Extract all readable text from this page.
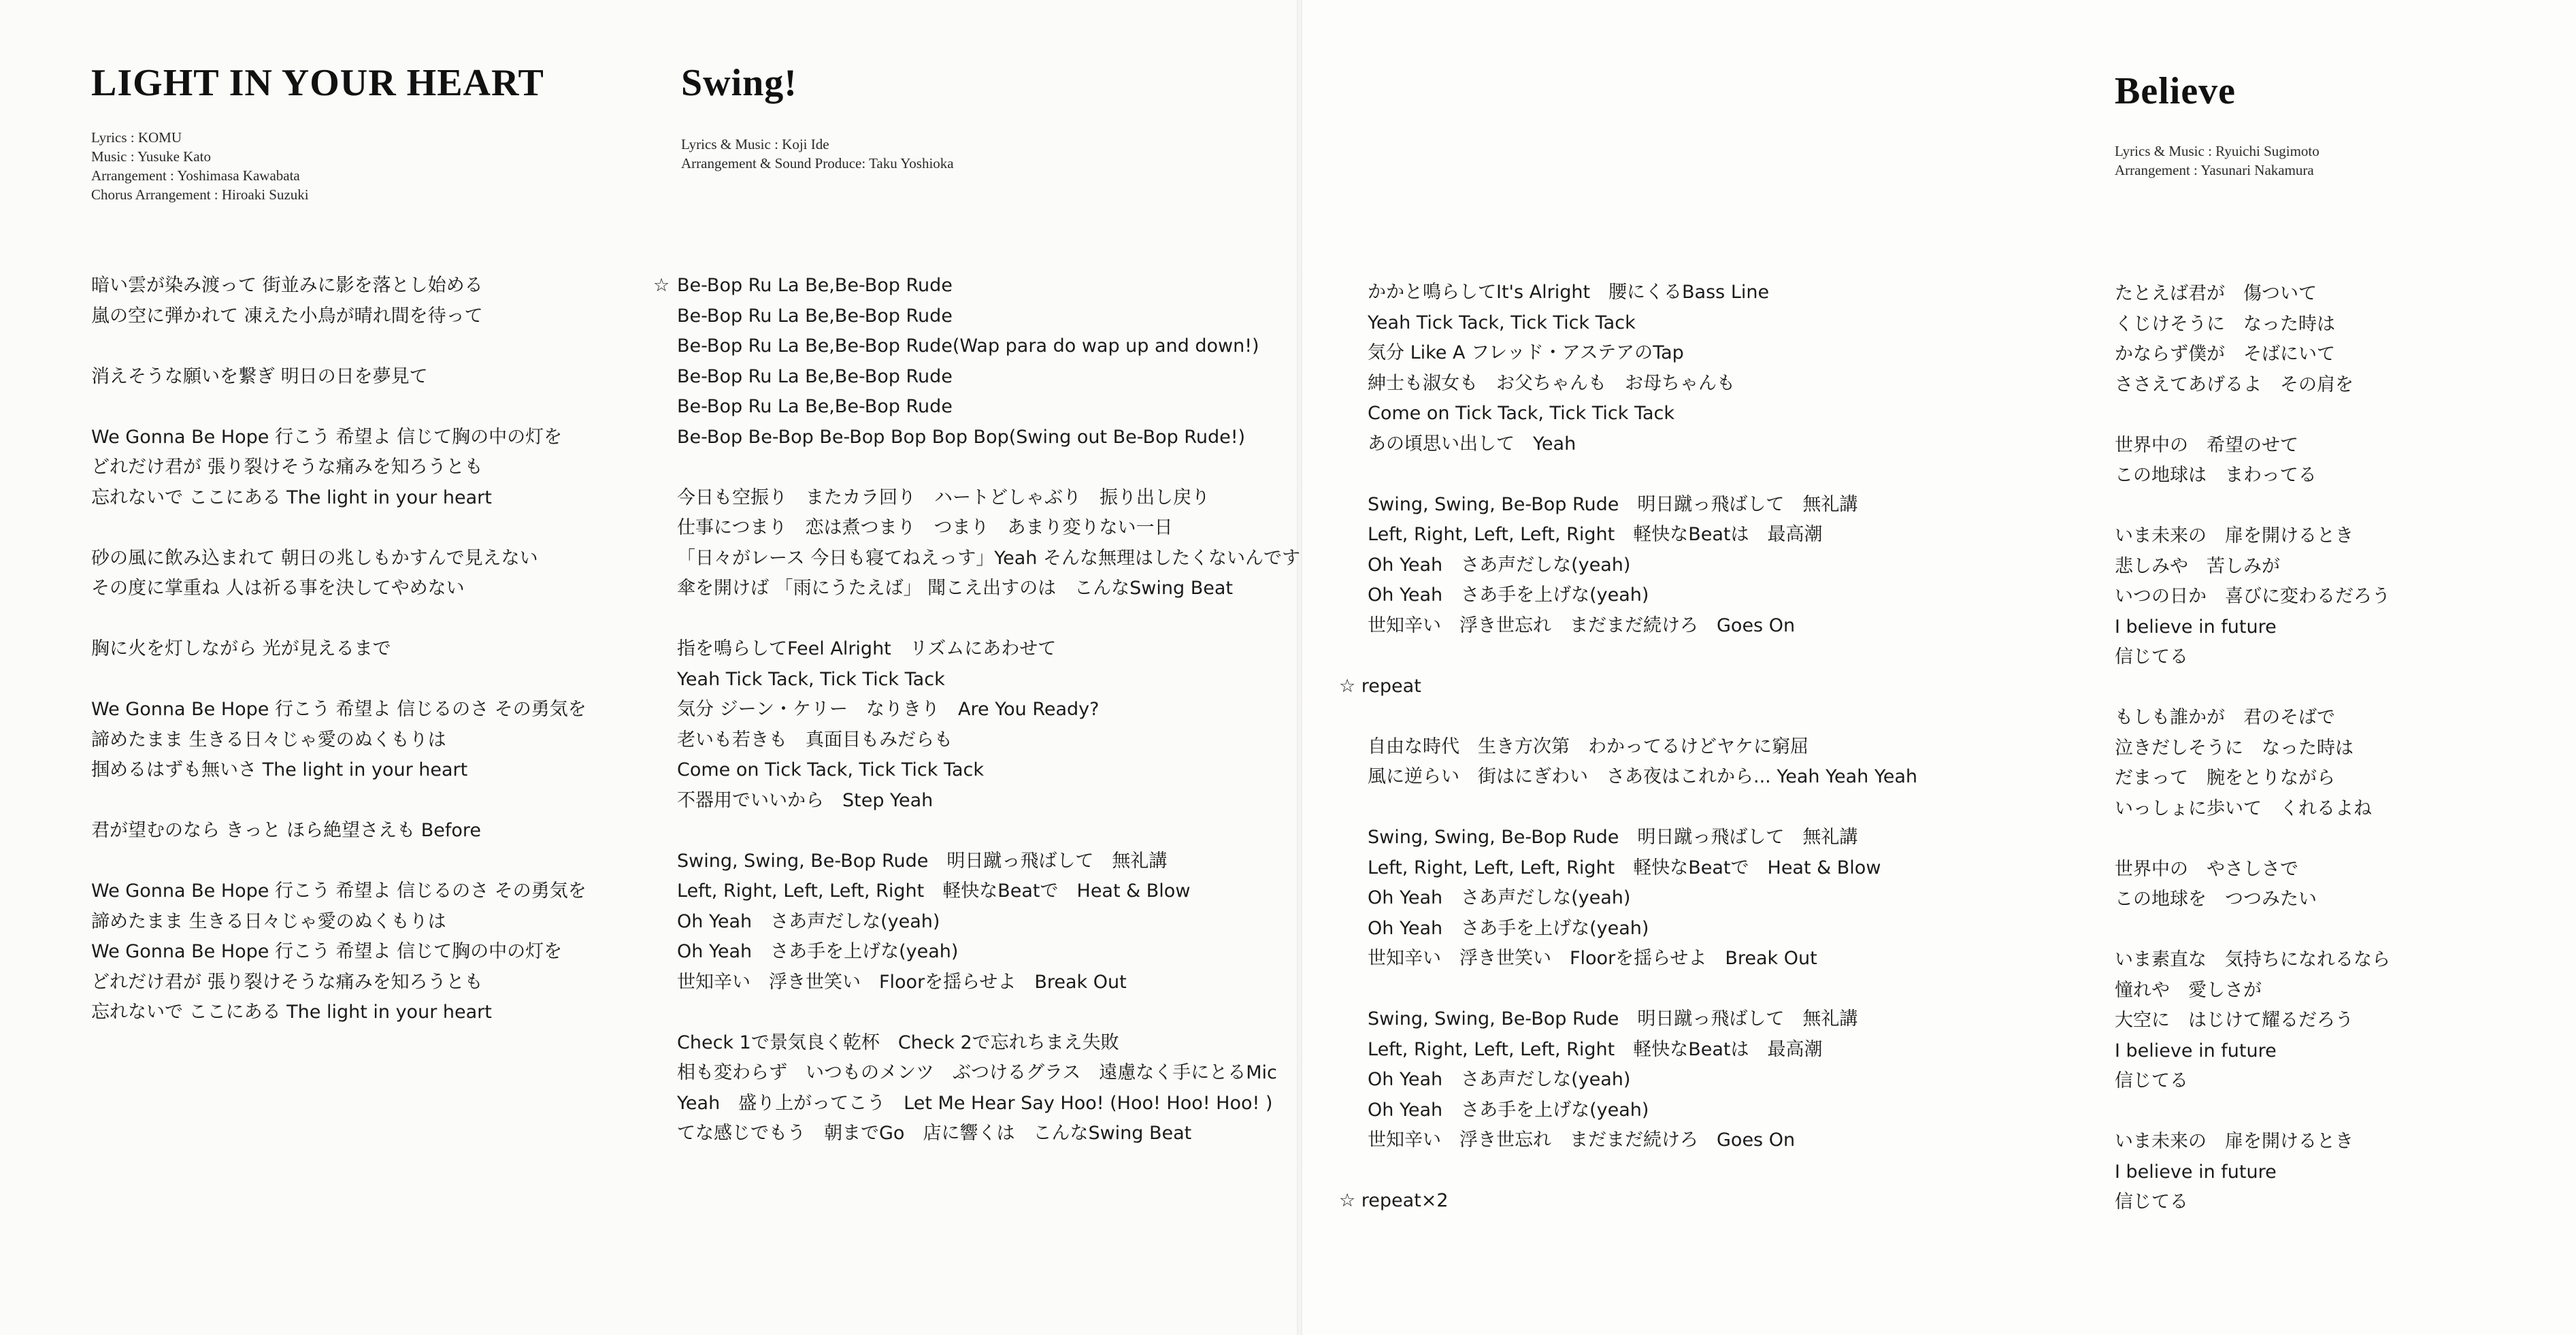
LIGHT IN YOUR HEART
Lyrics : KOMU
Music : Yusuke Kato
Arrangement : Yoshimasa Kawabata
Chorus Arrangement : Hiroaki Suzuki
暗い雲が染み渡って 街並みに影を落とし始める
嵐の空に弾かれて 凍えた小鳥が晴れ間を待って
消えそうな願いを繋ぎ 明日の日を夢見て
We Gonna Be Hope 行こう 希望よ 信じて胸の中の灯を
どれだけ君が 張り裂けそうな痛みを知ろうとも
忘れないで ここにある The light in your heart
砂の風に飲み込まれて 朝日の兆しもかすんで見えない
その度に掌重ね 人は祈る事を決してやめない
胸に火を灯しながら 光が見えるまで
We Gonna Be Hope 行こう 希望よ 信じるのさ その勇気を
諦めたまま 生きる日々じゃ愛のぬくもりは
掴めるはずも無いさ The light in your heart
君が望むのなら きっと ほら絶望さえも Before
We Gonna Be Hope 行こう 希望よ 信じるのさ その勇気を
諦めたまま 生きる日々じゃ愛のぬくもりは
We Gonna Be Hope 行こう 希望よ 信じて胸の中の灯を
どれだけ君が 張り裂けそうな痛みを知ろうとも
忘れないで ここにある The light in your heart
Swing!
Lyrics & Music : Koji Ide
Arrangement & Sound Produce: Taku Yoshioka
☆ Be-Bop Ru La Be,Be-Bop Rude
Be-Bop Ru La Be,Be-Bop Rude
Be-Bop Ru La Be,Be-Bop Rude(Wap para do wap up and down!)
Be-Bop Ru La Be,Be-Bop Rude
Be-Bop Ru La Be,Be-Bop Rude
Be-Bop Be-Bop Be-Bop Bop Bop Bop(Swing out Be-Bop Rude!)
今日も空振り　またカラ回り　ハートどしゃぶり　振り出し戻り
仕事につまり　恋は煮つまり　つまり　あまり変りない一日
「日々がレース 今日も寝てねえっす」Yeah そんな無理はしたくないんです
傘を開けば 「雨にうたえば」 聞こえ出すのは　こんなSwing Beat
指を鳴らしてFeel Alright　リズムにあわせて
Yeah Tick Tack, Tick Tick Tack
気分 ジーン・ケリー　なりきり　Are You Ready?
老いも若きも　真面目もみだらも
Come on Tick Tack, Tick Tick Tack
不器用でいいから　Step Yeah
Swing, Swing, Be-Bop Rude　明日蹴っ飛ばして　無礼講
Left, Right, Left, Left, Right　軽快なBeatで　Heat & Blow
Oh Yeah　さあ声だしな(yeah)
Oh Yeah　さあ手を上げな(yeah)
世知辛い　浮き世笑い　Floorを揺らせよ　Break Out
Check 1で景気良く乾杯　Check 2で忘れちまえ失敗
相も変わらず　いつものメンツ　ぶつけるグラス　遠慮なく手にとるMic
Yeah　盛り上がってこう　Let Me Hear Say Hoo! (Hoo! Hoo! Hoo! )
てな感じでもう　朝までGo　店に響くは　こんなSwing Beat
かかと鳴らしてIt's Alright　腰にくるBass Line
Yeah Tick Tack, Tick Tick Tack
気分 Like A フレッド・アステアのTap
紳士も淑女も　お父ちゃんも　お母ちゃんも
Come on Tick Tack, Tick Tick Tack
あの頃思い出して　Yeah
Swing, Swing, Be-Bop Rude　明日蹴っ飛ばして　無礼講
Left, Right, Left, Left, Right　軽快なBeatは　最高潮
Oh Yeah　さあ声だしな(yeah)
Oh Yeah　さあ手を上げな(yeah)
世知辛い　浮き世忘れ　まだまだ続けろ　Goes On
☆ repeat
自由な時代　生き方次第　わかってるけどヤケに窮屈
風に逆らい　街はにぎわい　さあ夜はこれから... Yeah Yeah Yeah
Swing, Swing, Be-Bop Rude　明日蹴っ飛ばして　無礼講
Left, Right, Left, Left, Right　軽快なBeatで　Heat & Blow
Oh Yeah　さあ声だしな(yeah)
Oh Yeah　さあ手を上げな(yeah)
世知辛い　浮き世笑い　Floorを揺らせよ　Break Out
Swing, Swing, Be-Bop Rude　明日蹴っ飛ばして　無礼講
Left, Right, Left, Left, Right　軽快なBeatは　最高潮
Oh Yeah　さあ声だしな(yeah)
Oh Yeah　さあ手を上げな(yeah)
世知辛い　浮き世忘れ　まだまだ続けろ　Goes On
☆ repeat×2
Believe
Lyrics & Music : Ryuichi Sugimoto
Arrangement : Yasunari Nakamura
たとえば君が　傷ついて
くじけそうに　なった時は
かならず僕が　そばにいて
ささえてあげるよ　その肩を
世界中の　希望のせて
この地球は　まわってる
いま未来の　扉を開けるとき
悲しみや　苦しみが
いつの日か　喜びに変わるだろう
I believe in future
信じてる
もしも誰かが　君のそばで
泣きだしそうに　なった時は
だまって　腕をとりながら
いっしょに歩いて　くれるよね
世界中の　やさしさで
この地球を　つつみたい
いま素直な　気持ちになれるなら
憧れや　愛しさが
大空に　はじけて耀るだろう
I believe in future
信じてる
いま未来の　扉を開けるとき
I believe in future
信じてる
